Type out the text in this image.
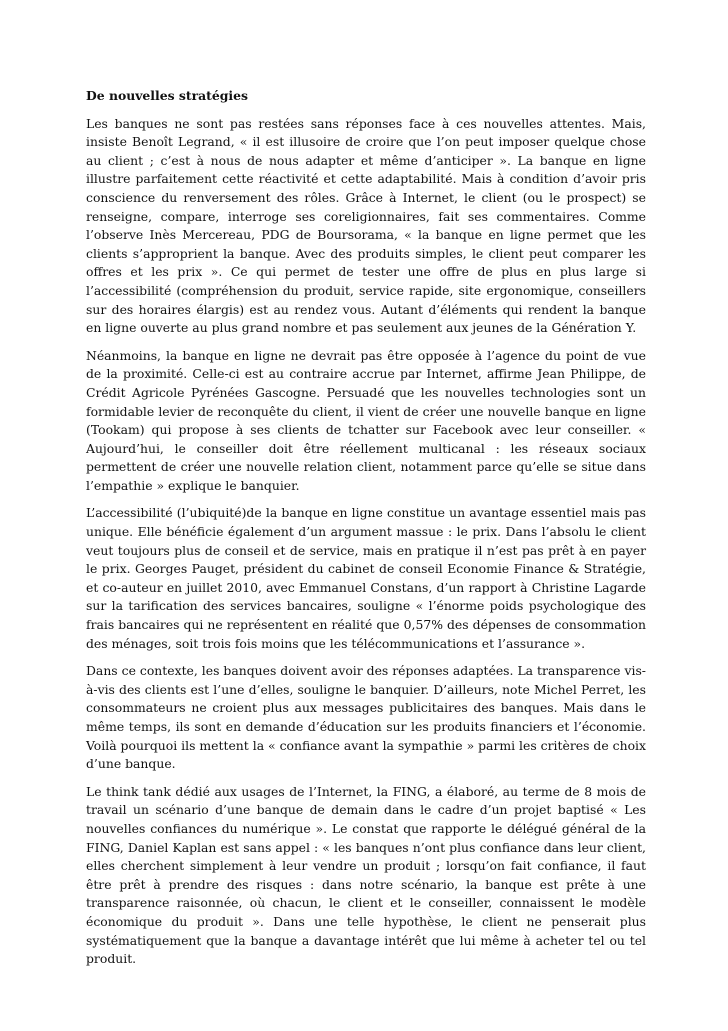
De nouvelles stratégies

Les banques ne sont pas restées sans réponses face à ces nouvelles attentes. Mais, insiste Benoît Legrand, « il est illusoire de croire que l’on peut imposer quelque chose au client ; c’est à nous de nous adapter et même d’anticiper ». La banque en ligne illustre parfaitement cette réactivité et cette adaptabilité. Mais à condition d’avoir pris conscience du renversement des rôles. Grâce à Internet, le client (ou le prospect) se renseigne, compare, interroge ses coreligionnaires, fait ses commentaires. Comme l’observe Inès Mercereau, PDG de Boursorama, « la banque en ligne permet que les clients s’approprient la banque. Avec des produits simples, le client peut comparer les offres et les prix ». Ce qui permet de tester une offre de plus en plus large si l’accessibilité (compréhension du produit, service rapide, site ergonomique, conseillers sur des horaires élargis) est au rendez vous. Autant d’éléments qui rendent la banque en ligne ouverte au plus grand nombre et pas seulement aux jeunes de la Génération Y.

Néanmoins, la banque en ligne ne devrait pas être opposée à l’agence du point de vue de la proximité. Celle-ci est au contraire accrue par Internet, affirme Jean Philippe, de Crédit Agricole Pyrénées Gascogne. Persuadé que les nouvelles technologies sont un formidable levier de reconquête du client, il vient de créer une nouvelle banque en ligne (Tookam) qui propose à ses clients de tchatter sur Facebook avec leur conseiller. « Aujourd’hui, le conseiller doit être réellement multicanal : les réseaux sociaux permettent de créer une nouvelle relation client, notamment parce qu’elle se situe dans l’empathie » explique le banquier.

L’accessibilité (l’ubiquité)de la banque en ligne constitue un avantage essentiel mais pas unique. Elle bénéficie également d’un argument massue : le prix. Dans l’absolu le client veut toujours plus de conseil et de service, mais en pratique il n’est pas prêt à en payer le prix. Georges Pauget, président du cabinet de conseil Economie Finance & Stratégie, et co-auteur en juillet 2010, avec Emmanuel Constans, d’un rapport à Christine Lagarde sur la tarification des services bancaires, souligne « l’énorme poids psychologique des frais bancaires qui ne représentent en réalité que 0,57% des dépenses de consommation des ménages, soit trois fois moins que les télécommunications et l’assurance ».

Dans ce contexte, les banques doivent avoir des réponses adaptées. La transparence vis-à-vis des clients est l’une d’elles, souligne le banquier. D’ailleurs, note Michel Perret, les consommateurs ne croient plus aux messages publicitaires des banques. Mais dans le même temps, ils sont en demande d’éducation sur les produits financiers et l’économie. Voilà pourquoi ils mettent la « confiance avant la sympathie » parmi les critères de choix d’une banque.

Le think tank dédié aux usages de l’Internet, la FING, a élaboré, au terme de 8 mois de travail un scénario d’une banque de demain dans le cadre d’un projet baptisé « Les nouvelles confiances du numérique ». Le constat que rapporte le délégué général de la FING, Daniel Kaplan est sans appel : « les banques n’ont plus confiance dans leur client, elles cherchent simplement à leur vendre un produit ; lorsqu’on fait confiance, il faut être prêt à prendre des risques : dans notre scénario, la banque est prête à une transparence raisonnée, où chacun, le client et le conseiller, connaissent le modèle économique du produit ». Dans une telle hypothèse, le client ne penserait plus systématiquement que la banque a davantage intérêt que lui même à acheter tel ou tel produit.
